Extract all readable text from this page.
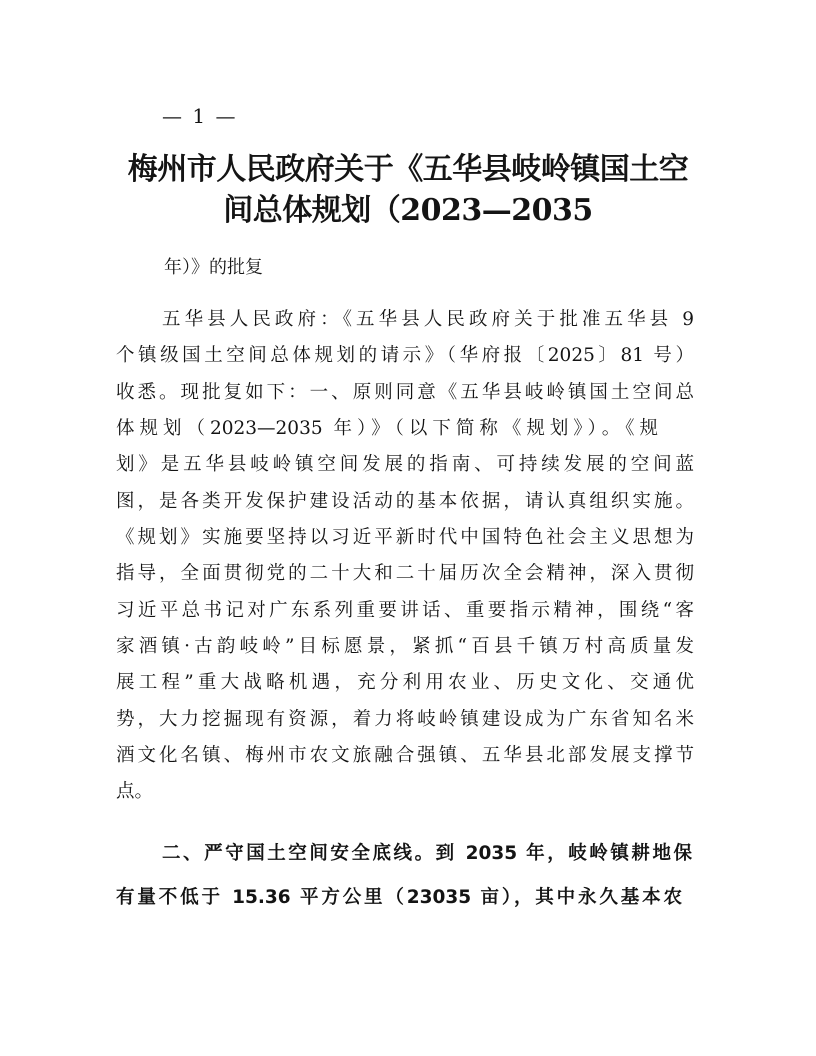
— 1 —
梅州市人民政府关于《五华县岐岭镇国土空
间总体规划（2023—2035
年）》的批复
五华县人民政府：《五华县人民政府关于批准五华县 9
个镇级国土空间总体规划的请示》（华府报〔2025〕81 号）
收悉。现批复如下：一、原则同意《五华县岐岭镇国土空间总
体规划（2023—2035 年）》（以下简称《规划》）。《规
划》是五华县岐岭镇空间发展的指南、可持续发展的空间蓝
图，是各类开发保护建设活动的基本依据，请认真组织实施。
《规划》实施要坚持以习近平新时代中国特色社会主义思想为
指导，全面贯彻党的二十大和二十届历次全会精神，深入贯彻
习近平总书记对广东系列重要讲话、重要指示精神，围绕“客
家酒镇·古韵岐岭”目标愿景，紧抓“百县千镇万村高质量发
展工程”重大战略机遇，充分利用农业、历史文化、交通优
势，大力挖掘现有资源，着力将岐岭镇建设成为广东省知名米
酒文化名镇、梅州市农文旅融合强镇、五华县北部发展支撑节
点。
二、严守国土空间安全底线。到 2035 年，岐岭镇耕地保
有量不低于 15.36 平方公里（23035 亩），其中永久基本农
